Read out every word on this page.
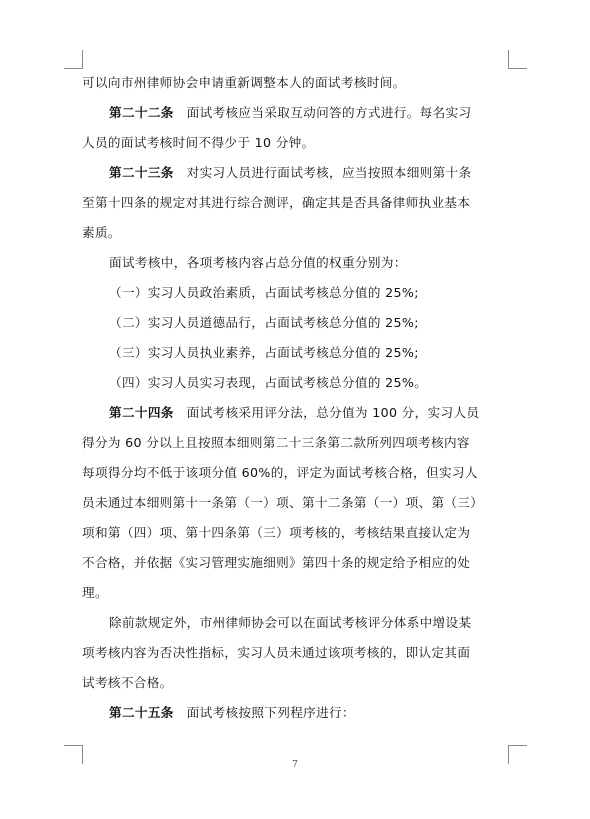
可以向市州律师协会申请重新调整本人的面试考核时间。
第二十二条　面试考核应当采取互动问答的方式进行。每名实习
人员的面试考核时间不得少于 10 分钟。
第二十三条　对实习人员进行面试考核，应当按照本细则第十条
至第十四条的规定对其进行综合测评，确定其是否具备律师执业基本
素质。
面试考核中，各项考核内容占总分值的权重分别为：
（一）实习人员政治素质，占面试考核总分值的 25%;
（二）实习人员道德品行，占面试考核总分值的 25%;
（三）实习人员执业素养，占面试考核总分值的 25%;
（四）实习人员实习表现，占面试考核总分值的 25%。
第二十四条　面试考核采用评分法，总分值为 100 分，实习人员
得分为 60 分以上且按照本细则第二十三条第二款所列四项考核内容
每项得分均不低于该项分值 60%的，评定为面试考核合格，但实习人
员未通过本细则第十一条第（一）项、第十二条第（一）项、第（三）
项和第（四）项、第十四条第（三）项考核的，考核结果直接认定为
不合格，并依据《实习管理实施细则》第四十条的规定给予相应的处
理。
除前款规定外，市州律师协会可以在面试考核评分体系中增设某
项考核内容为否决性指标，实习人员未通过该项考核的，即认定其面
试考核不合格。
第二十五条　面试考核按照下列程序进行：
7
